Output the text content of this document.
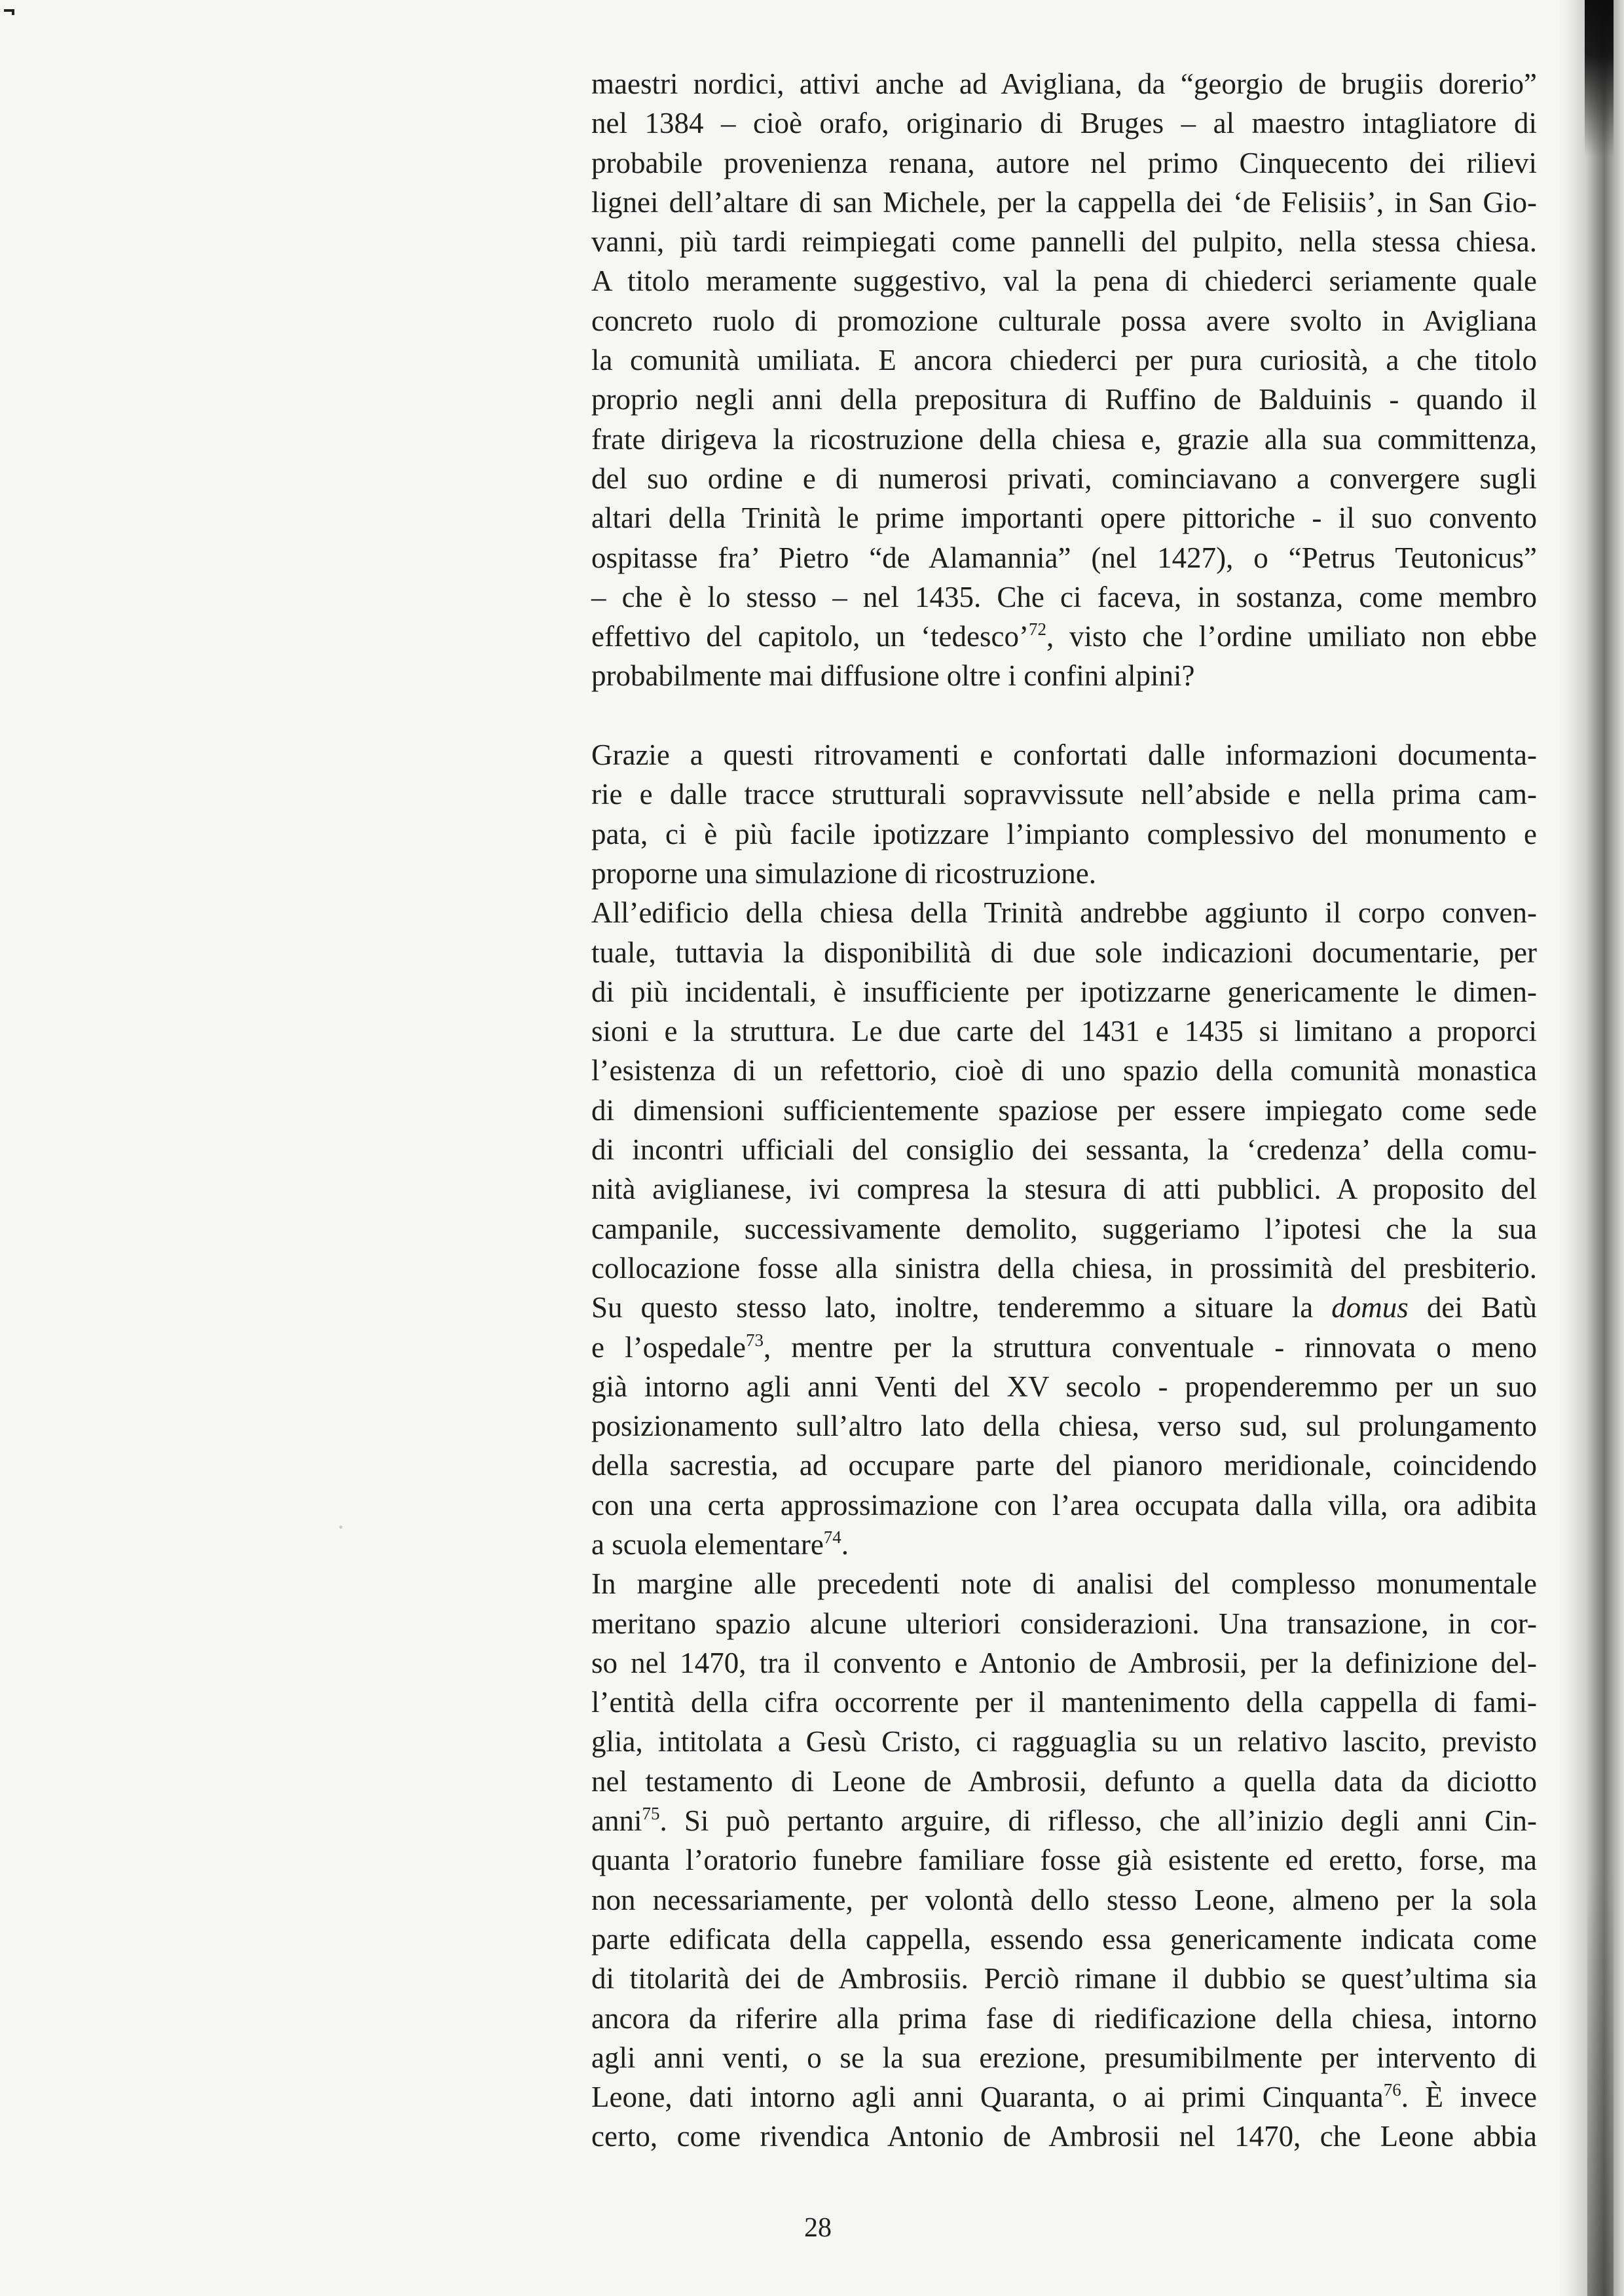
maestri nordici, attivi anche ad Avigliana, da “georgio de brugiis dorerio”
nel 1384 – cioè orafo, originario di Bruges – al maestro intagliatore di
probabile provenienza renana, autore nel primo Cinquecento dei rilievi
lignei dell’altare di san Michele, per la cappella dei ‘de Felisiis’, in San Gio-
vanni, più tardi reimpiegati come pannelli del pulpito, nella stessa chiesa.
A titolo meramente suggestivo, val la pena di chiederci seriamente quale
concreto ruolo di promozione culturale possa avere svolto in Avigliana
la comunità umiliata. E ancora chiederci per pura curiosità, a che titolo
proprio negli anni della prepositura di Ruffino de Balduinis - quando il
frate dirigeva la ricostruzione della chiesa e, grazie alla sua committenza,
del suo ordine e di numerosi privati, cominciavano a convergere sugli
altari della Trinità le prime importanti opere pittoriche - il suo convento
ospitasse fra’ Pietro “de Alamannia” (nel 1427), o “Petrus Teutonicus”
– che è lo stesso – nel 1435. Che ci faceva, in sostanza, come membro
effettivo del capitolo, un ‘tedesco’$^{72}$, visto che l’ordine umiliato non ebbe
probabilmente mai diffusione oltre i confini alpini?
Grazie a questi ritrovamenti e confortati dalle informazioni documenta-
rie e dalle tracce strutturali sopravvissute nell’abside e nella prima cam-
pata, ci è più facile ipotizzare l’impianto complessivo del monumento e
proporne una simulazione di ricostruzione.
All’edificio della chiesa della Trinità andrebbe aggiunto il corpo conven-
tuale, tuttavia la disponibilità di due sole indicazioni documentarie, per
di più incidentali, è insufficiente per ipotizzarne genericamente le dimen-
sioni e la struttura. Le due carte del 1431 e 1435 si limitano a proporci
l’esistenza di un refettorio, cioè di uno spazio della comunità monastica
di dimensioni sufficientemente spaziose per essere impiegato come sede
di incontri ufficiali del consiglio dei sessanta, la ‘credenza’ della comu-
nità aviglianese, ivi compresa la stesura di atti pubblici. A proposito del
campanile, successivamente demolito, suggeriamo l’ipotesi che la sua
collocazione fosse alla sinistra della chiesa, in prossimità del presbiterio.
Su questo stesso lato, inoltre, tenderemmo a situare la domus dei Batù
e l’ospedale$^{73}$, mentre per la struttura conventuale - rinnovata o meno
già intorno agli anni Venti del XV secolo - propenderemmo per un suo
posizionamento sull’altro lato della chiesa, verso sud, sul prolungamento
della sacrestia, ad occupare parte del pianoro meridionale, coincidendo
con una certa approssimazione con l’area occupata dalla villa, ora adibita
a scuola elementare$^{74}$.
In margine alle precedenti note di analisi del complesso monumentale
meritano spazio alcune ulteriori considerazioni. Una transazione, in cor-
so nel 1470, tra il convento e Antonio de Ambrosii, per la definizione del-
l’entità della cifra occorrente per il mantenimento della cappella di fami-
glia, intitolata a Gesù Cristo, ci ragguaglia su un relativo lascito, previsto
nel testamento di Leone de Ambrosii, defunto a quella data da diciotto
anni$^{75}$. Si può pertanto arguire, di riflesso, che all’inizio degli anni Cin-
quanta l’oratorio funebre familiare fosse già esistente ed eretto, forse, ma
non necessariamente, per volontà dello stesso Leone, almeno per la sola
parte edificata della cappella, essendo essa genericamente indicata come
di titolarità dei de Ambrosiis. Perciò rimane il dubbio se quest’ultima sia
ancora da riferire alla prima fase di riedificazione della chiesa, intorno
agli anni venti, o se la sua erezione, presumibilmente per intervento di
Leone, dati intorno agli anni Quaranta, o ai primi Cinquanta$^{76}$. È invece
certo, come rivendica Antonio de Ambrosii nel 1470, che Leone abbia
28
